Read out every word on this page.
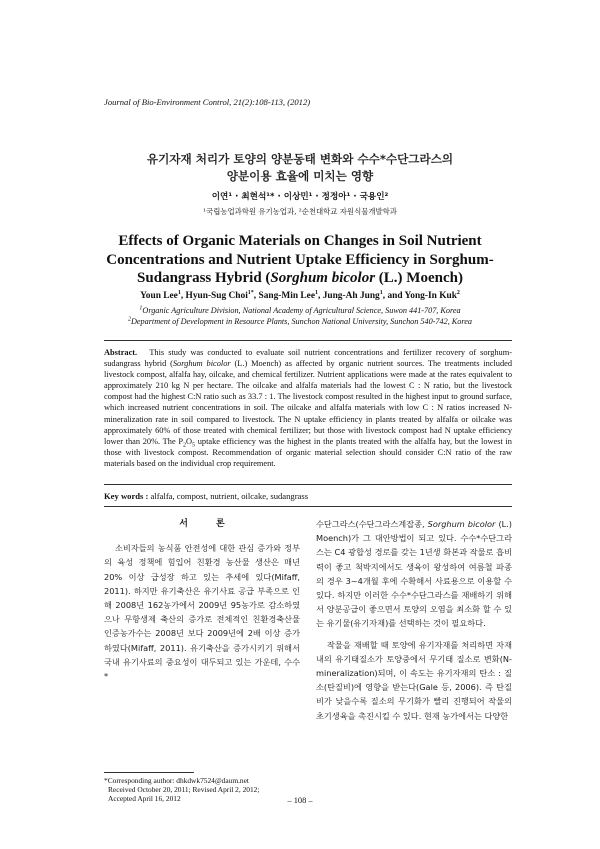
Journal of Bio-Environment Control, 21(2):108-113, (2012)
유기자재 처리가 토양의 양분동태 변화와 수수*수단그라스의
양분이용 효율에 미치는 영향
이연¹ · 최현석¹* · 이상민¹ · 정정아¹ · 국용인²
¹국립농업과학원 유기농업과, ²순천대학교 자원식물개발학과
Effects of Organic Materials on Changes in Soil Nutrient
Concentrations and Nutrient Uptake Efficiency in Sorghum-
Sudangrass Hybrid (Sorghum bicolor (L.) Moench)
Youn Lee$^1$, Hyun-Sug Choi$^{1*}$, Sang-Min Lee$^1$, Jung-Ah Jung$^1$, and Yong-In Kuk$^2$
$^1$Organic Agriculture Division, National Academy of Agricultural Science, Suwon 441-707, Korea
$^2$Department of Development in Resource Plants, Sunchon National University, Sunchon 540-742, Korea
Abstract. This study was conducted to evaluate soil nutrient concentrations and fertilizer recovery of sorghum-sudangrass hybrid (Sorghum bicolor (L.) Moench) as affected by organic nutrient sources. The treatments included livestock compost, alfalfa hay, oilcake, and chemical fertilizer. Nutrient applications were made at the rates equivalent to approximately 210 kg N per hectare. The oilcake and alfalfa materials had the lowest C : N ratio, but the livestock compost had the highest C:N ratio such as 33.7 : 1. The livestock compost resulted in the highest input to ground surface, which increased nutrient concentrations in soil. The oilcake and alfalfa materials with low C : N ratios increased N-mineralization rate in soil compared to livestock. The N uptake efficiency in plants treated by alfalfa or oilcake was approximately 60% of those treated with chemical fertilizer; but those with livestock compost had N uptake efficiency lower than 20%. The $P_2O_5$ uptake efficiency was the highest in the plants treated with the alfalfa hay, but the lowest in those with livestock compost. Recommendation of organic material selection should consider C:N ratio of the raw materials based on the individual crop requirement.
Key words : alfalfa, compost, nutrient, oilcake, sudangrass
서론

소비자들의 농식품 안전성에 대한 관심 증가와 정부의 육성 정책에 힘입어 친환경 농산물 생산은 매년 20% 이상 급성장 하고 있는 추세에 있다(Mifaff, 2011). 하지만 유기축산은 유기사료 공급 부족으로 인해 2008년 162농가에서 2009년 95농가로 감소하였으나 무항생제 축산의 증가로 전체적인 친환경축산물 인증농가수는 2008년 보다 2009년에 2배 이상 증가하였다(Mifaff, 2011). 유기축산을 증가시키기 위해서 국내 유기사료의 중요성이 대두되고 있는 가운데, 수수*

수단그라스(수단그라스계잡종, Sorghum bicolor (L.) Moench)가 그 대안방법이 되고 있다. 수수*수단그라스는 C4 광합성 경로를 갖는 1년생 화본과 작물로 흡비력이 좋고 척박지에서도 생육이 왕성하여 여름철 파종의 경우 3~4개월 후에 수확해서 사료용으로 이용할 수 있다. 하지만 이러한 수수*수단그라스를 재배하기 위해서 양분공급이 좋으면서 토양의 오염을 최소화 할 수 있는 유기물(유기자재)를 선택하는 것이 필요하다.

작물을 재배할 때 토양에 유기자재를 처리하면 자재 내의 유기태질소가 토양중에서 무기태 질소로 변화(N-mineralization)되며, 이 속도는 유기자재의 탄소 : 질소(탄질비)에 영향을 받는다(Gale 등, 2006). 즉 탄질비가 낮을수록 질소의 무기화가 빨리 진행되어 작물의 초기생육을 촉진시킬 수 있다. 현재 농가에서는 다양한

*Corresponding author: dhkdwk7524@daum.net
Received October 20, 2011; Revised April 2, 2012;
Accepted April 16, 2012	– 108 –
